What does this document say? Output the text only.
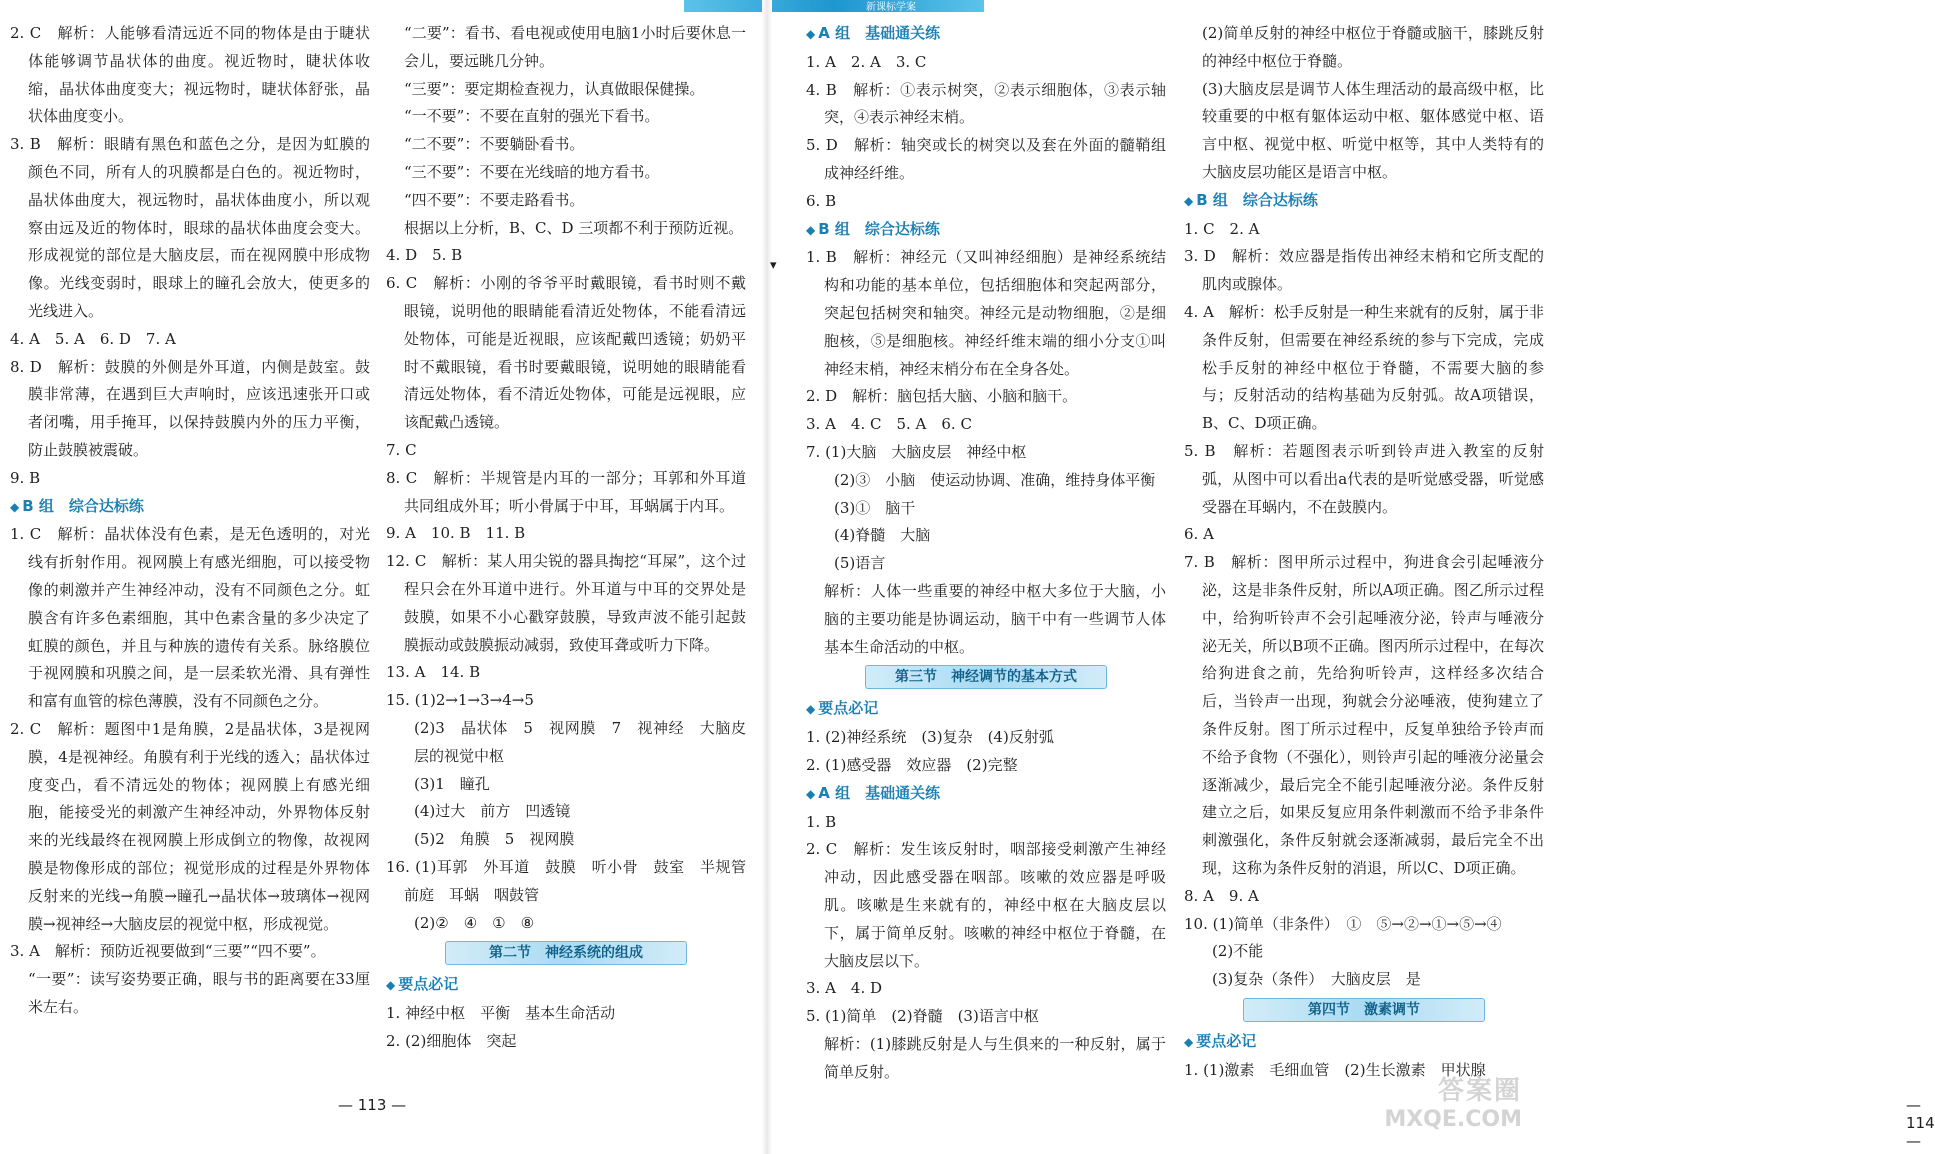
新课标学案
2. C　解析：人能够看清远近不同的物体是由于睫状体能够调节晶状体的曲度。视近物时，睫状体收缩，晶状体曲度变大；视远物时，睫状体舒张，晶状体曲度变小。
3. B　解析：眼睛有黑色和蓝色之分，是因为虹膜的颜色不同，所有人的巩膜都是白色的。视近物时，晶状体曲度大，视远物时，晶状体曲度小，所以观察由远及近的物体时，眼球的晶状体曲度会变大。形成视觉的部位是大脑皮层，而在视网膜中形成物像。光线变弱时，眼球上的瞳孔会放大，使更多的光线进入。
4. A　5. A　6. D　7. A
8. D　解析：鼓膜的外侧是外耳道，内侧是鼓室。鼓膜非常薄，在遇到巨大声响时，应该迅速张开口或者闭嘴，用手掩耳，以保持鼓膜内外的压力平衡，防止鼓膜被震破。
9. B
◆ B 组　综合达标练
1. C　解析：晶状体没有色素，是无色透明的，对光线有折射作用。视网膜上有感光细胞，可以接受物像的刺激并产生神经冲动，没有不同颜色之分。虹膜含有许多色素细胞，其中色素含量的多少决定了虹膜的颜色，并且与种族的遗传有关系。脉络膜位于视网膜和巩膜之间，是一层柔软光滑、具有弹性和富有血管的棕色薄膜，没有不同颜色之分。
2. C　解析：题图中1是角膜，2是晶状体，3是视网膜，4是视神经。角膜有利于光线的透入；晶状体过度变凸，看不清远处的物体；视网膜上有感光细胞，能接受光的刺激产生神经冲动，外界物体反射来的光线最终在视网膜上形成倒立的物像，故视网膜是物像形成的部位；视觉形成的过程是外界物体反射来的光线→角膜→瞳孔→晶状体→玻璃体→视网膜→视神经→大脑皮层的视觉中枢，形成视觉。
3. A　解析：预防近视要做到“三要”“四不要”。
“一要”：读写姿势要正确，眼与书的距离要在33厘米左右。
“二要”：看书、看电视或使用电脑1小时后要休息一会儿，要远眺几分钟。
“三要”：要定期检查视力，认真做眼保健操。
“一不要”：不要在直射的强光下看书。
“二不要”：不要躺卧看书。
“三不要”：不要在光线暗的地方看书。
“四不要”：不要走路看书。
根据以上分析，B、C、D 三项都不利于预防近视。
4. D　5. B
6. C　解析：小刚的爷爷平时戴眼镜，看书时则不戴眼镜，说明他的眼睛能看清近处物体，不能看清远处物体，可能是近视眼，应该配戴凹透镜；奶奶平时不戴眼镜，看书时要戴眼镜，说明她的眼睛能看清远处物体，看不清近处物体，可能是远视眼，应该配戴凸透镜。
7. C
8. C　解析：半规管是内耳的一部分；耳郭和外耳道共同组成外耳；听小骨属于中耳，耳蜗属于内耳。
9. A　10. B　11. B
12. C　解析：某人用尖锐的器具掏挖“耳屎”，这个过程只会在外耳道中进行。外耳道与中耳的交界处是鼓膜，如果不小心戳穿鼓膜，导致声波不能引起鼓膜振动或鼓膜振动减弱，致使耳聋或听力下降。
13. A　14. B
15. (1)2→1→3→4→5
(2)3　晶状体　5　视网膜　7　视神经　大脑皮层的视觉中枢
(3)1　瞳孔
(4)过大　前方　凹透镜
(5)2　角膜　5　视网膜
16. (1)耳郭　外耳道　鼓膜　听小骨　鼓室　半规管　前庭　耳蜗　咽鼓管
(2)②　④　①　⑧
第二节　神经系统的组成
◆ 要点必记
1. 神经中枢　平衡　基本生命活动
2. (2)细胞体　突起
— 113 —
▾
◆ A 组　基础通关练
1. A　2. A　3. C
4. B　解析：①表示树突，②表示细胞体，③表示轴突，④表示神经末梢。
5. D　解析：轴突或长的树突以及套在外面的髓鞘组成神经纤维。
6. B
◆ B 组　综合达标练
1. B　解析：神经元（又叫神经细胞）是神经系统结构和功能的基本单位，包括细胞体和突起两部分，突起包括树突和轴突。神经元是动物细胞，②是细胞核，⑤是细胞核。神经纤维末端的细小分支①叫神经末梢，神经末梢分布在全身各处。
2. D　解析：脑包括大脑、小脑和脑干。
3. A　4. C　5. A　6. C
7. (1)大脑　大脑皮层　神经中枢
(2)③　小脑　使运动协调、准确，维持身体平衡
(3)①　脑干
(4)脊髓　大脑
(5)语言
解析：人体一些重要的神经中枢大多位于大脑，小脑的主要功能是协调运动，脑干中有一些调节人体基本生命活动的中枢。
第三节　神经调节的基本方式
◆ 要点必记
1. (2)神经系统　(3)复杂　(4)反射弧
2. (1)感受器　效应器　(2)完整
◆ A 组　基础通关练
1. B
2. C　解析：发生该反射时，咽部接受刺激产生神经冲动，因此感受器在咽部。咳嗽的效应器是呼吸肌。咳嗽是生来就有的，神经中枢在大脑皮层以下，属于简单反射。咳嗽的神经中枢位于脊髓，在大脑皮层以下。
3. A　4. D
5. (1)简单　(2)脊髓　(3)语言中枢
解析：(1)膝跳反射是人与生俱来的一种反射，属于简单反射。
(2)简单反射的神经中枢位于脊髓或脑干，膝跳反射的神经中枢位于脊髓。
(3)大脑皮层是调节人体生理活动的最高级中枢，比较重要的中枢有躯体运动中枢、躯体感觉中枢、语言中枢、视觉中枢、听觉中枢等，其中人类特有的大脑皮层功能区是语言中枢。
◆ B 组　综合达标练
1. C　2. A
3. D　解析：效应器是指传出神经末梢和它所支配的肌肉或腺体。
4. A　解析：松手反射是一种生来就有的反射，属于非条件反射，但需要在神经系统的参与下完成，完成松手反射的神经中枢位于脊髓，不需要大脑的参与；反射活动的结构基础为反射弧。故A项错误，B、C、D项正确。
5. B　解析：若题图表示听到铃声进入教室的反射弧，从图中可以看出a代表的是听觉感受器，听觉感受器在耳蜗内，不在鼓膜内。
6. A
7. B　解析：图甲所示过程中，狗进食会引起唾液分泌，这是非条件反射，所以A项正确。图乙所示过程中，给狗听铃声不会引起唾液分泌，铃声与唾液分泌无关，所以B项不正确。图丙所示过程中，在每次给狗进食之前，先给狗听铃声，这样经多次结合后，当铃声一出现，狗就会分泌唾液，使狗建立了条件反射。图丁所示过程中，反复单独给予铃声而不给予食物（不强化），则铃声引起的唾液分泌量会逐渐减少，最后完全不能引起唾液分泌。条件反射建立之后，如果反复应用条件刺激而不给予非条件刺激强化，条件反射就会逐渐减弱，最后完全不出现，这称为条件反射的消退，所以C、D项正确。
8. A　9. A
10. (1)简单（非条件）　①　⑤→②→①→⑤→④
(2)不能
(3)复杂（条件）　大脑皮层　是
第四节　激素调节
◆ 要点必记
1. (1)激素　毛细血管　(2)生长激素　甲状腺
— 114 —
答案圈
MXQE.COM
